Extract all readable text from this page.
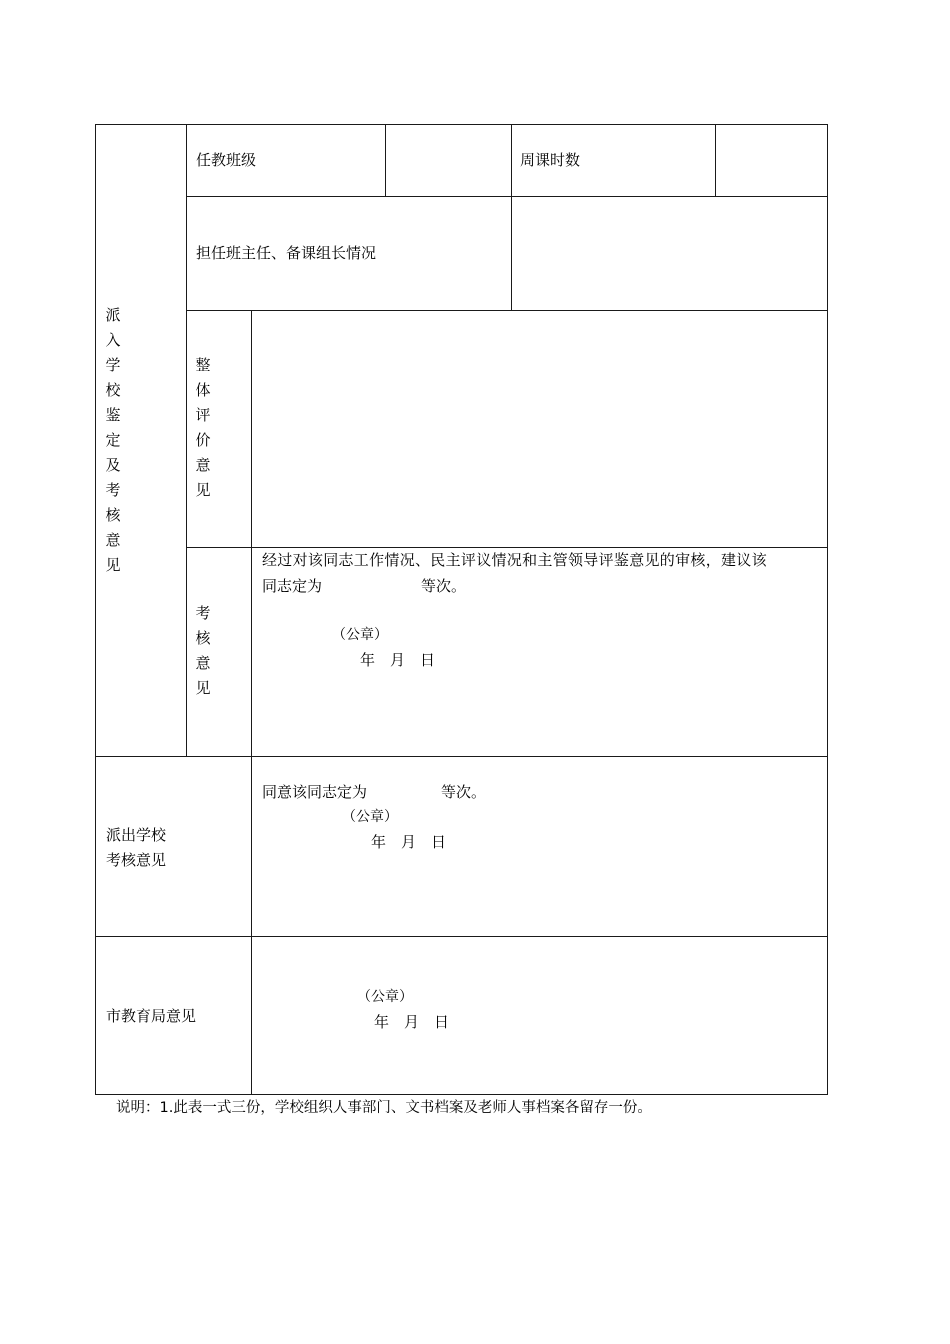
派
入
学
校
鉴
定
及
考
核
意
见
任教班级	周课时数
担任班主任、备课组长情况
整
体
评
价
意
见
考
核
意
见
经过对该同志工作情况、民主评议情况和主管领导评鉴意见的审核，建议该
同志定为	等次。
（公章）
年　月　日
派出学校
考核意见
同意该同志定为	等次。
（公章）
年　月　日
市教育局意见
（公章）
年　月　日
说明：1.此表一式三份，学校组织人事部门、文书档案及老师人事档案各留存一份。
